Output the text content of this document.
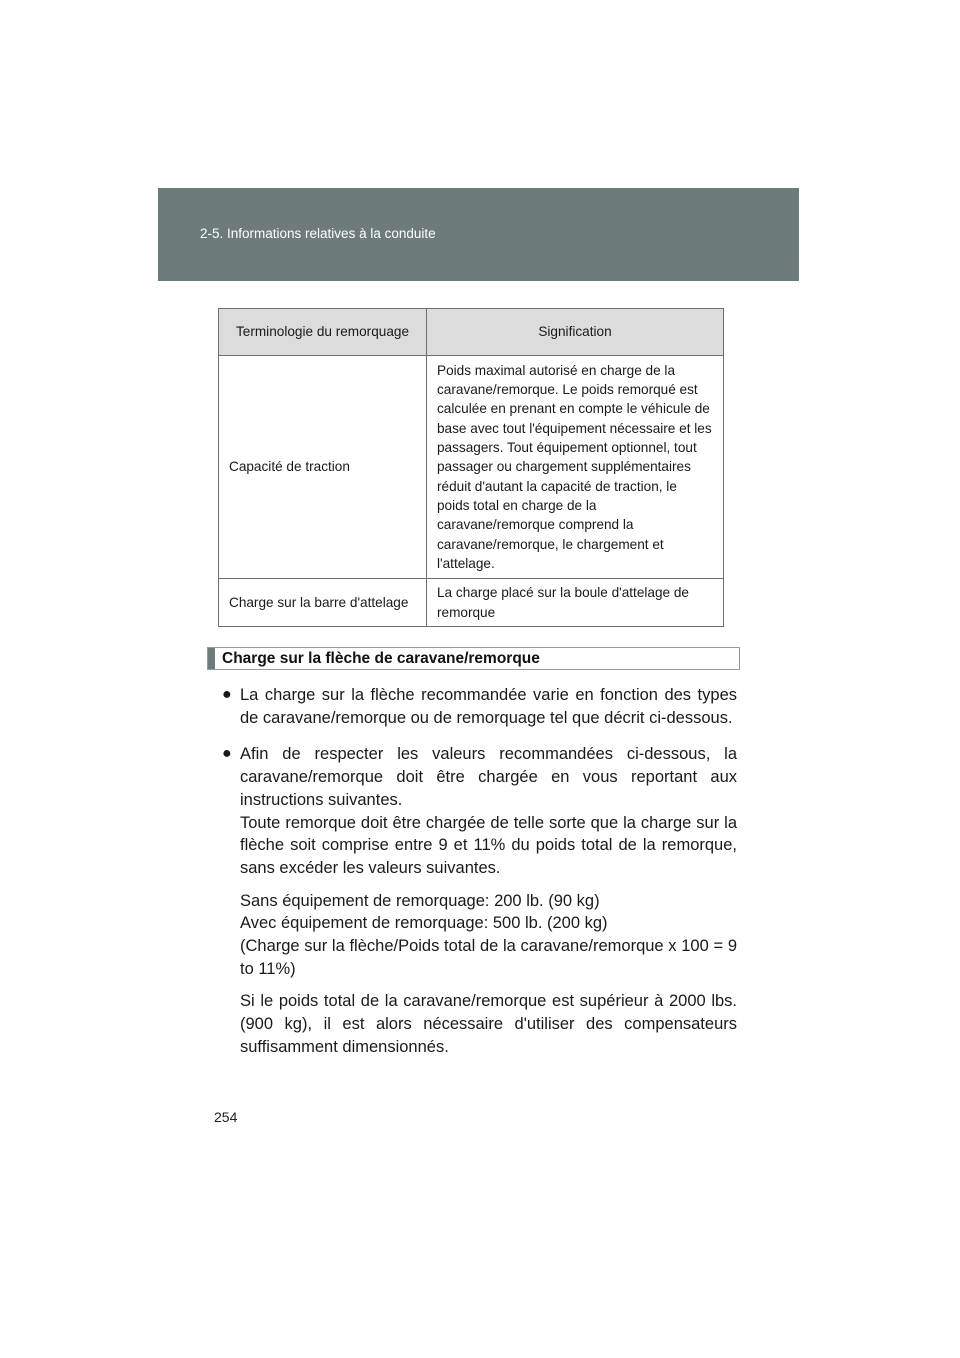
2-5. Informations relatives à la conduite
Terminologie du remorquage	Signification
Capacité de traction	Poids maximal autorisé en charge de la caravane/remorque. Le poids remorqué est calculée en prenant en compte le véhicule de base avec tout l'équipement nécessaire et les passagers. Tout équipement optionnel, tout passager ou chargement supplémentaires réduit d'autant la capacité de traction, le poids total en charge de la caravane/remorque comprend la caravane/remorque, le chargement et l'attelage.
Charge sur la barre d'attelage	La charge placé sur la boule d'attelage de remorque
Charge sur la flèche de caravane/remorque
● La charge sur la flèche recommandée varie en fonction des types de caravane/remorque ou de remorquage tel que décrit ci-dessous.

● Afin de respecter les valeurs recommandées ci-dessous, la caravane/remorque doit être chargée en vous reportant aux instructions suivantes.

Toute remorque doit être chargée de telle sorte que la charge sur la flèche soit comprise entre 9 et 11% du poids total de la remorque, sans excéder les valeurs suivantes.

Sans équipement de remorquage: 200 lb. (90 kg)

Avec équipement de remorquage: 500 lb. (200 kg)

(Charge sur la flèche/Poids total de la caravane/remorque x 100 = 9 to 11%)

Si le poids total de la caravane/remorque est supérieur à 2000 lbs. (900 kg), il est alors nécessaire d'utiliser des compensateurs suffisamment dimensionnés.

254
